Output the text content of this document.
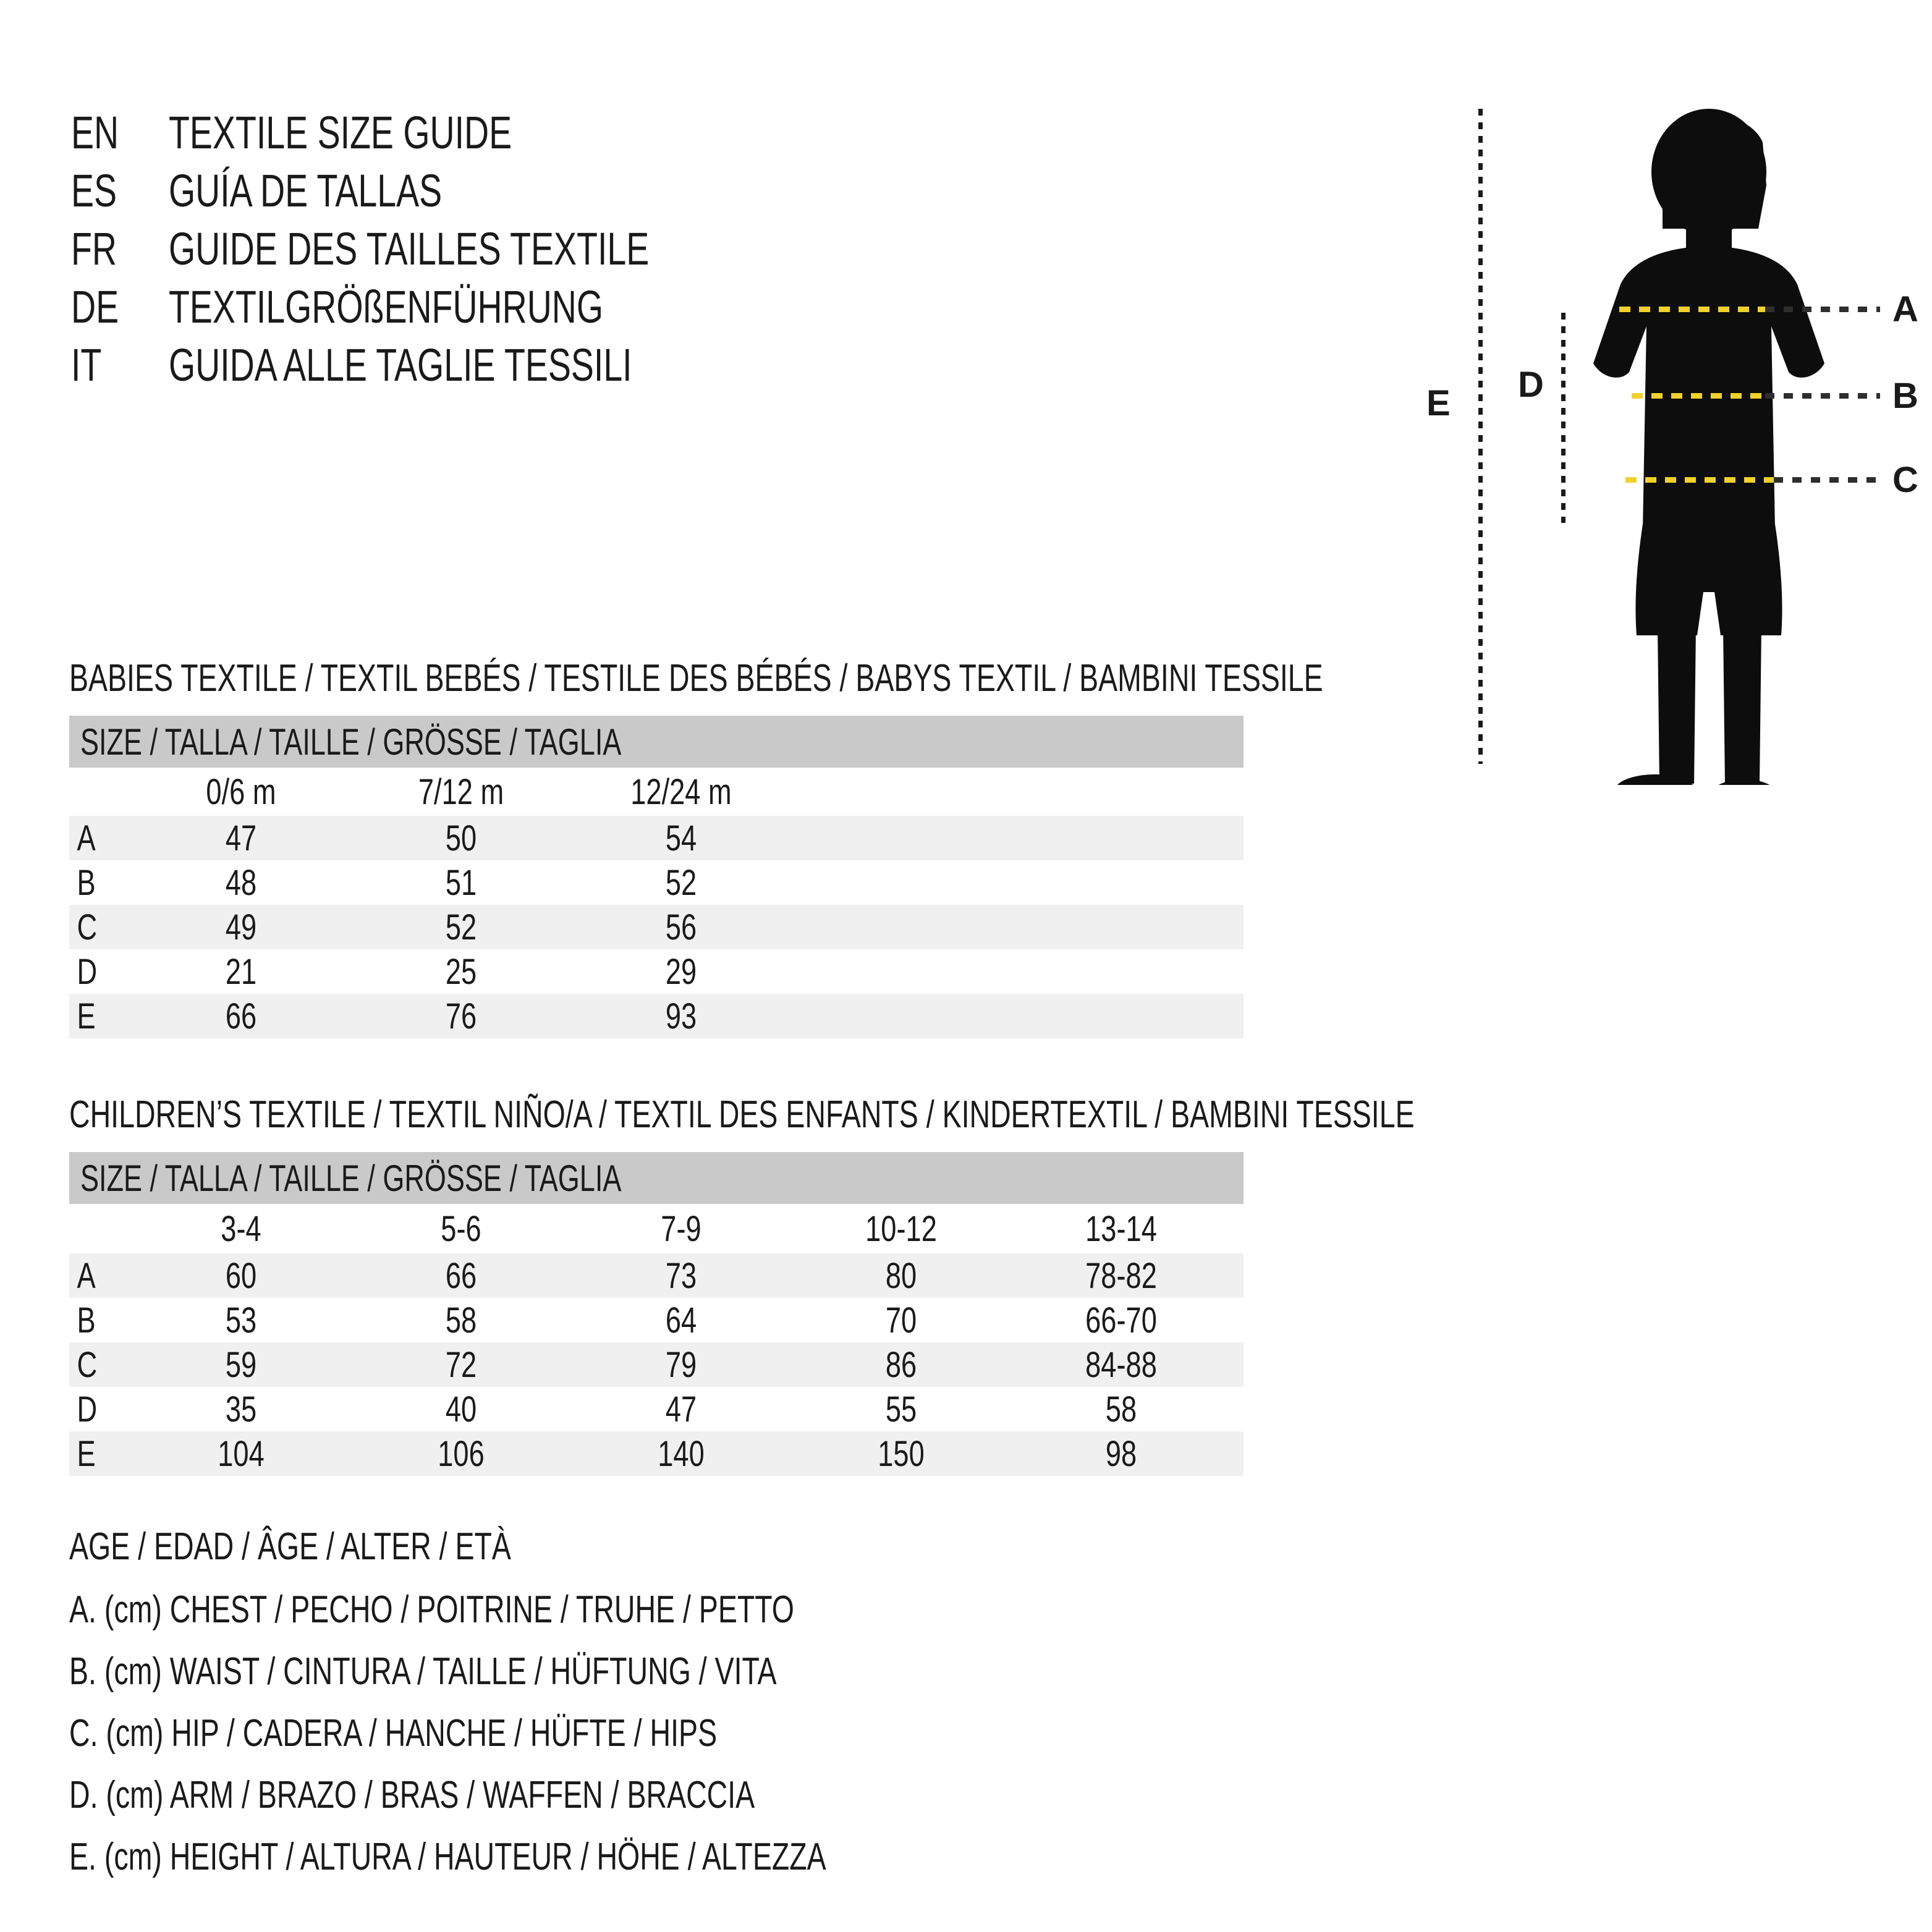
EN TEXTILE SIZE GUIDE
ES GUÍA DE TALLAS
FR GUIDE DES TAILLES TEXTILE
DE TEXTILGRÖßENFÜHRUNG
IT GUIDA ALLE TAGLIE TESSILI
E D
A
B
C
BABIES TEXTILE / TEXTIL BEBÉS / TESTILE DES BÉBÉS / BABYS TEXTIL / BAMBINI TESSILE
SIZE / TALLA / TAILLE / GRÖSSE / TAGLIA
0/6 m	7/12 m	12/24 m
A	47	50	54
B	48	51	52
C	49	52	56
D	21	25	29
E	66	76	93
CHILDREN’S TEXTILE / TEXTIL NIÑO/A / TEXTIL DES ENFANTS / KINDERTEXTIL / BAMBINI TESSILE
SIZE / TALLA / TAILLE / GRÖSSE / TAGLIA
3-4	5-6	7-9	10-12	13-14
A	60	66	73	80	78-82
B	53	58	64	70	66-70
C	59	72	79	86	84-88
D	35	40	47	55	58
E	104	106	140	150	98
AGE / EDAD / ÂGE / ALTER / ETÀ
A. (cm) CHEST / PECHO / POITRINE / TRUHE / PETTO
B. (cm) WAIST / CINTURA / TAILLE / HÜFTUNG / VITA
C. (cm) HIP / CADERA / HANCHE / HÜFTE / HIPS
D. (cm) ARM / BRAZO / BRAS / WAFFEN / BRACCIA
E. (cm) HEIGHT / ALTURA / HAUTEUR / HÖHE / ALTEZZA
